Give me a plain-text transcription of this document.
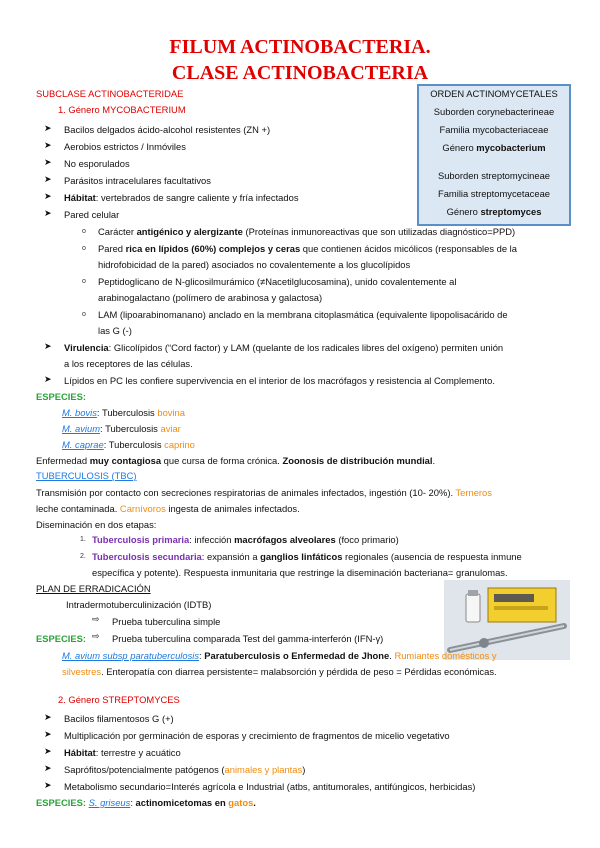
FILUM ACTINOBACTERIA.
CLASE ACTINOBACTERIA
ORDEN ACTINOMYCETALES
Suborden corynebacterineae
Familia mycobacteriaceae
Género mycobacterium
Suborden streptomycineae
Familia streptomycetaceae
Género streptomyces
SUBCLASE ACTINOBACTERIDAE
1. Género MYCOBACTERIUM
➤ Bacilos delgados ácido-alcohol resistentes (ZN +)
➤ Aerobios estrictos / Inmóviles
➤ No esporulados
➤ Parásitos intracelulares facultativos
➤ Hábitat: vertebrados de sangre caliente y fría infectados
➤ Pared celular
o Carácter antigénico y alergizante (Proteínas inmunoreactivas que son utilizadas diagnóstico=PPD)
o Pared rica en lípidos (60%) complejos y ceras que contienen ácidos micólicos (responsables de la
hidrofobicidad de la pared) asociados no covalentemente a los glucolípidos
o Peptidoglicano de N-glicosilmurámico (≠Nacetilglucosamina), unido covalentemente al
arabinogalactano (polímero de arabinosa y galactosa)
o LAM (lipoarabinomanano) anclado en la membrana citoplasmática (equivalente lipopolisacárido de
las G (-)
➤ Virulencia: Glicolípidos (“Cord factor) y LAM (quelante de los radicales libres del oxígeno) permiten unión
a los receptores de las células.
➤ Lípidos en PC les confiere supervivencia en el interior de los macrófagos y resistencia al Complemento.
ESPECIES:
M. bovis: Tuberculosis bovina
M. avium: Tuberculosis aviar
M. caprae: Tuberculosis caprino
Enfermedad muy contagiosa que cursa de forma crónica. Zoonosis de distribución mundial.
TUBERCULOSIS (TBC)
Transmisión por contacto con secreciones respiratorias de animales infectados, ingestión (10- 20%). Terneros
leche contaminada. Carnívoros ingesta de animales infectados.
Diseminación en dos etapas:
1. Tuberculosis primaria: infección macrófagos alveolares (foco primario)
2. Tuberculosis secundaria: expansión a ganglios linfáticos regionales (ausencia de respuesta inmune
específica y potente). Respuesta inmunitaria que restringe la diseminación bacteriana= granulomas.
PLAN DE ERRADICACIÓN
Intradermotuberculinización (IDTB)
⇨ Prueba tuberculina simple
⇨ Prueba tuberculina comparada Test del gamma-interferón (IFN-γ)
ESPECIES:
M. avium subsp paratuberculosis: Paratuberculosis o Enfermedad de Jhone. Rumiantes domésticos y
silvestres. Enteropatía con diarrea persistente= malabsorción y pérdida de peso = Pérdidas económicas.
2. Género STREPTOMYCES
➤ Bacilos filamentosos G (+)
➤ Multiplicación por germinación de esporas y crecimiento de fragmentos de micelio vegetativo
➤ Hábitat: terrestre y acuático
➤ Saprófitos/potencialmente patógenos (animales y plantas)
➤ Metabolismo secundario=Interés agrícola e Industrial (atbs, antitumorales, antifúngicos, herbicidas)
ESPECIES: S. griseus: actinomicetomas en gatos.
